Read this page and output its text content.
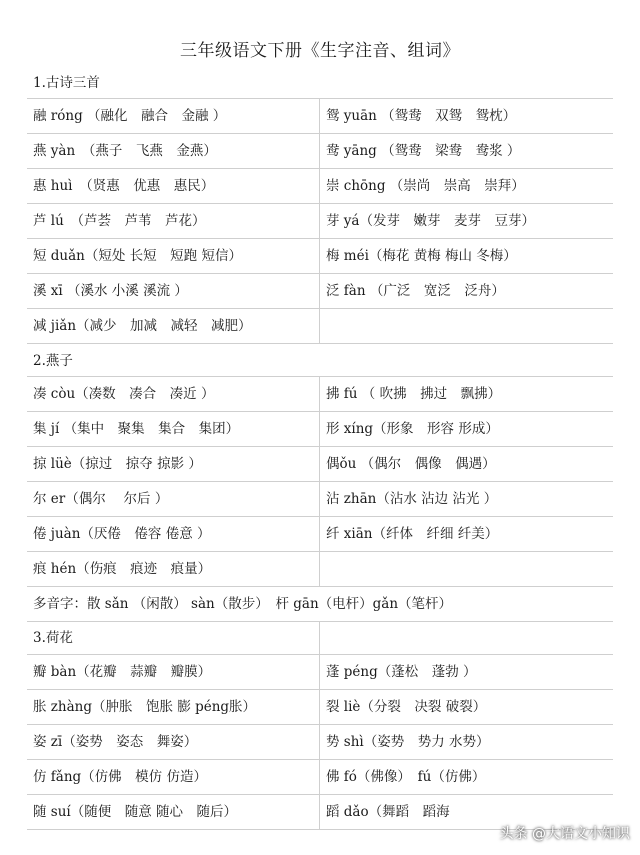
三年级语文下册《生字注音、组词》
1.古诗三首
融 róng （融化　融合　金融 ）	鸳 yuān （鸳鸯　双鸳　鸳枕）
燕 yàn　（燕子　飞燕　金燕）	鸯 yāng （鸳鸯　梁鸯　鸯浆 ）
惠 huì　（贤惠　优惠　惠民）	崇 chōng （崇尚　崇高　崇拜）
芦 lú　（芦荟　芦苇　芦花）	芽 yá（发芽　嫩芽　麦芽　豆芽）
短 duǎn（短处 长短　短跑 短信）	梅 méi（梅花 黄梅 梅山 冬梅）
溪 xī （溪水 小溪 溪流 ）	泛 fàn （广泛　宽泛　泛舟）
减 jiǎn（减少　加减　减轻　减肥）
2.燕子
凑 còu（凑数　凑合　凑近 ）	拂 fú （ 吹拂　拂过　飘拂）
集 jí （集中　聚集　集合　集团）	形 xíng（形象　形容 形成）
掠 lüè（掠过　掠夺 掠影 ）	偶ǒu （偶尔　偶像　偶遇）
尔 er（偶尔　 尔后 ）	沾 zhān（沾水 沾边 沾光 ）
倦 juàn（厌倦　倦容 倦意 ）	纤 xiān（纤体　纤细 纤美）
痕 hén（伤痕　痕迹　痕量）
多音字：散 sǎn （闲散） sàn（散步）　杆 gān（电杆）gǎn（笔杆）
3.荷花
瓣 bàn（花瓣　蒜瓣　瓣膜）	蓬 péng（蓬松　蓬勃 ）
胀 zhàng（肿胀　饱胀 膨 péng胀）	裂 liè（分裂　决裂 破裂）
姿 zī（姿势　姿态　舞姿）	势 shì（姿势　势力 水势）
仿 fǎng（仿佛　模仿 仿造）	佛 fó（佛像）　fú（仿佛）
随 suí（随便　随意 随心　随后）	蹈 dǎo（舞蹈　蹈海
头条 @大语文小知识
